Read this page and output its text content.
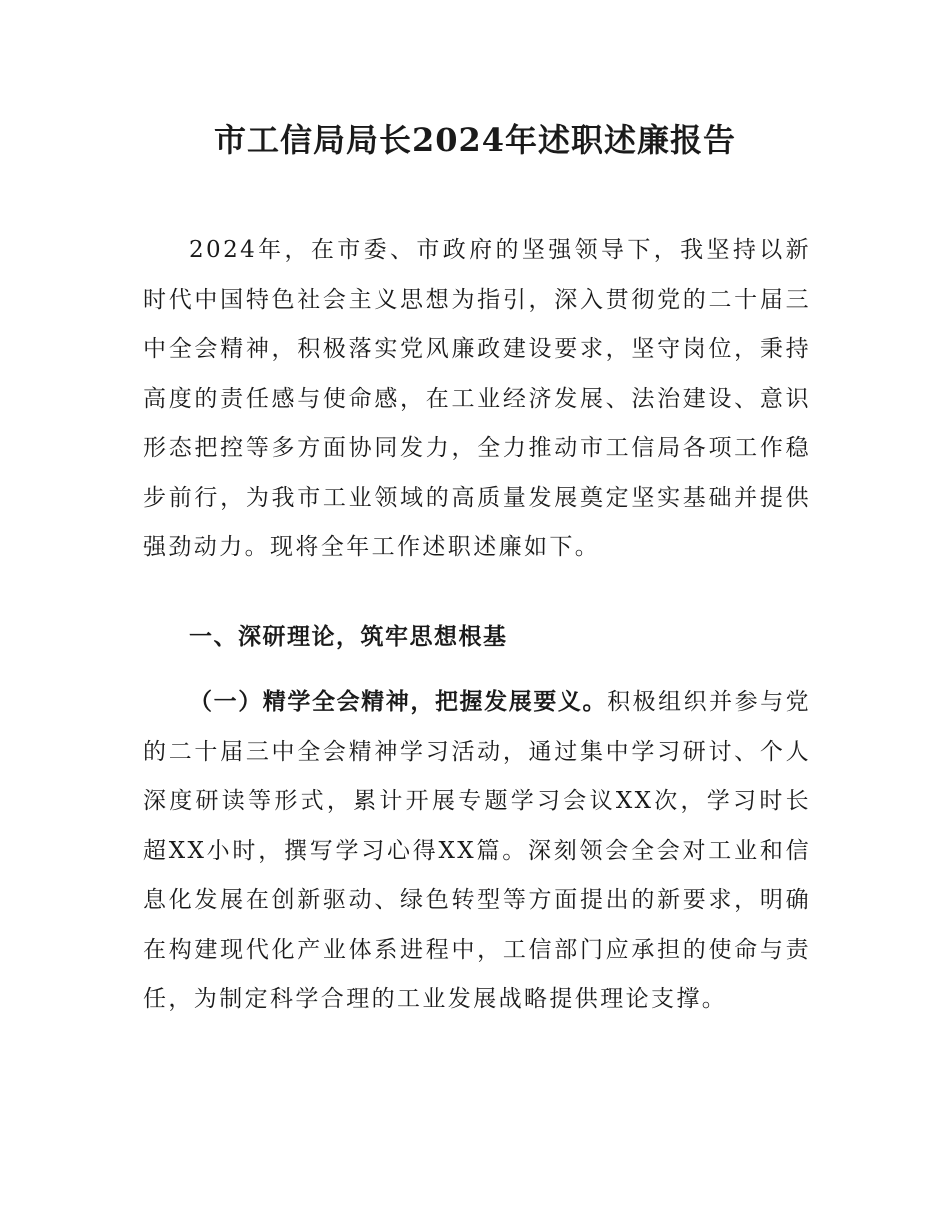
市工信局局长2024年述职述廉报告

2024年，在市委、市政府的坚强领导下，我坚持以新时代中国特色社会主义思想为指引，深入贯彻党的二十届三中全会精神，积极落实党风廉政建设要求，坚守岗位，秉持高度的责任感与使命感，在工业经济发展、法治建设、意识形态把控等多方面协同发力，全力推动市工信局各项工作稳步前行，为我市工业领域的高质量发展奠定坚实基础并提供强劲动力。现将全年工作述职述廉如下。

一、深研理论，筑牢思想根基

（一）精学全会精神，把握发展要义。积极组织并参与党的二十届三中全会精神学习活动，通过集中学习研讨、个人深度研读等形式，累计开展专题学习会议XX次，学习时长超XX小时，撰写学习心得XX篇。深刻领会全会对工业和信息化发展在创新驱动、绿色转型等方面提出的新要求，明确在构建现代化产业体系进程中，工信部门应承担的使命与责任，为制定科学合理的工业发展战略提供理论支撑。
